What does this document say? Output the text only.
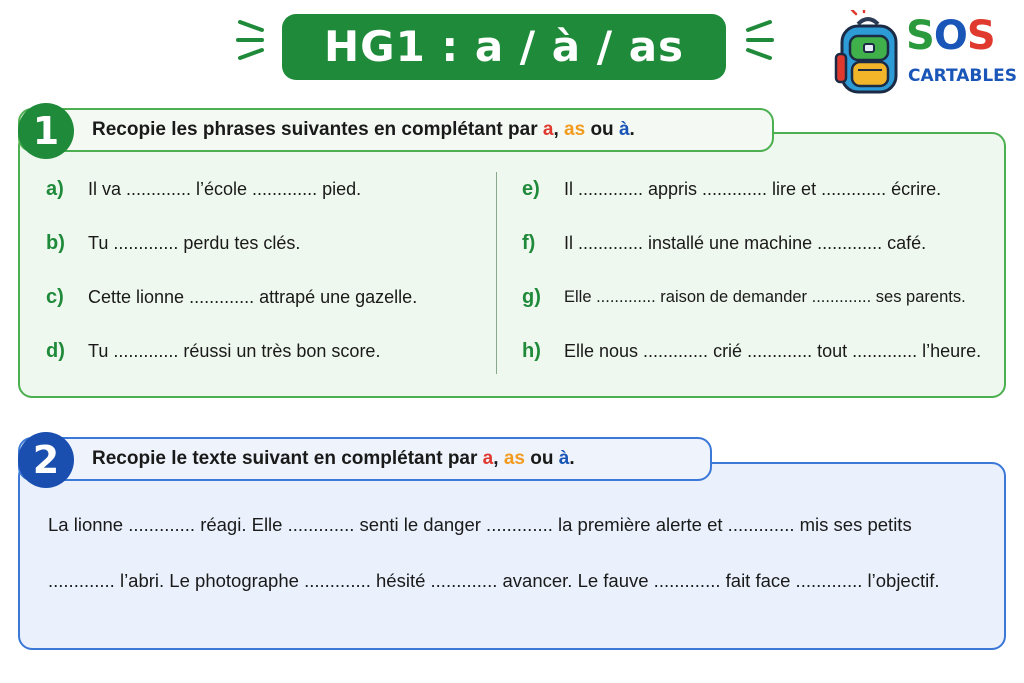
HG1 : a / à / as	SOS
CARTABLES
Recopie les phrases suivantes en complétant par a, as ou à.
1
a) Il va ............. l’école ............. pied.
b) Tu ............. perdu tes clés.
c) Cette lionne ............. attrapé une gazelle.
d) Tu ............. réussi un très bon score.
e) Il ............. appris ............. lire et ............. écrire.
f) Il ............. installé une machine ............. café.
g) Elle ............. raison de demander ............. ses parents.
h) Elle nous ............. crié ............. tout ............. l’heure.
Recopie le texte suivant en complétant par a, as ou à.
2
La lionne ............. réagi. Elle ............. senti le danger ............. la première alerte et ............. mis ses petits
............. l’abri. Le photographe ............. hésité ............. avancer. Le fauve ............. fait face ............. l’objectif.
